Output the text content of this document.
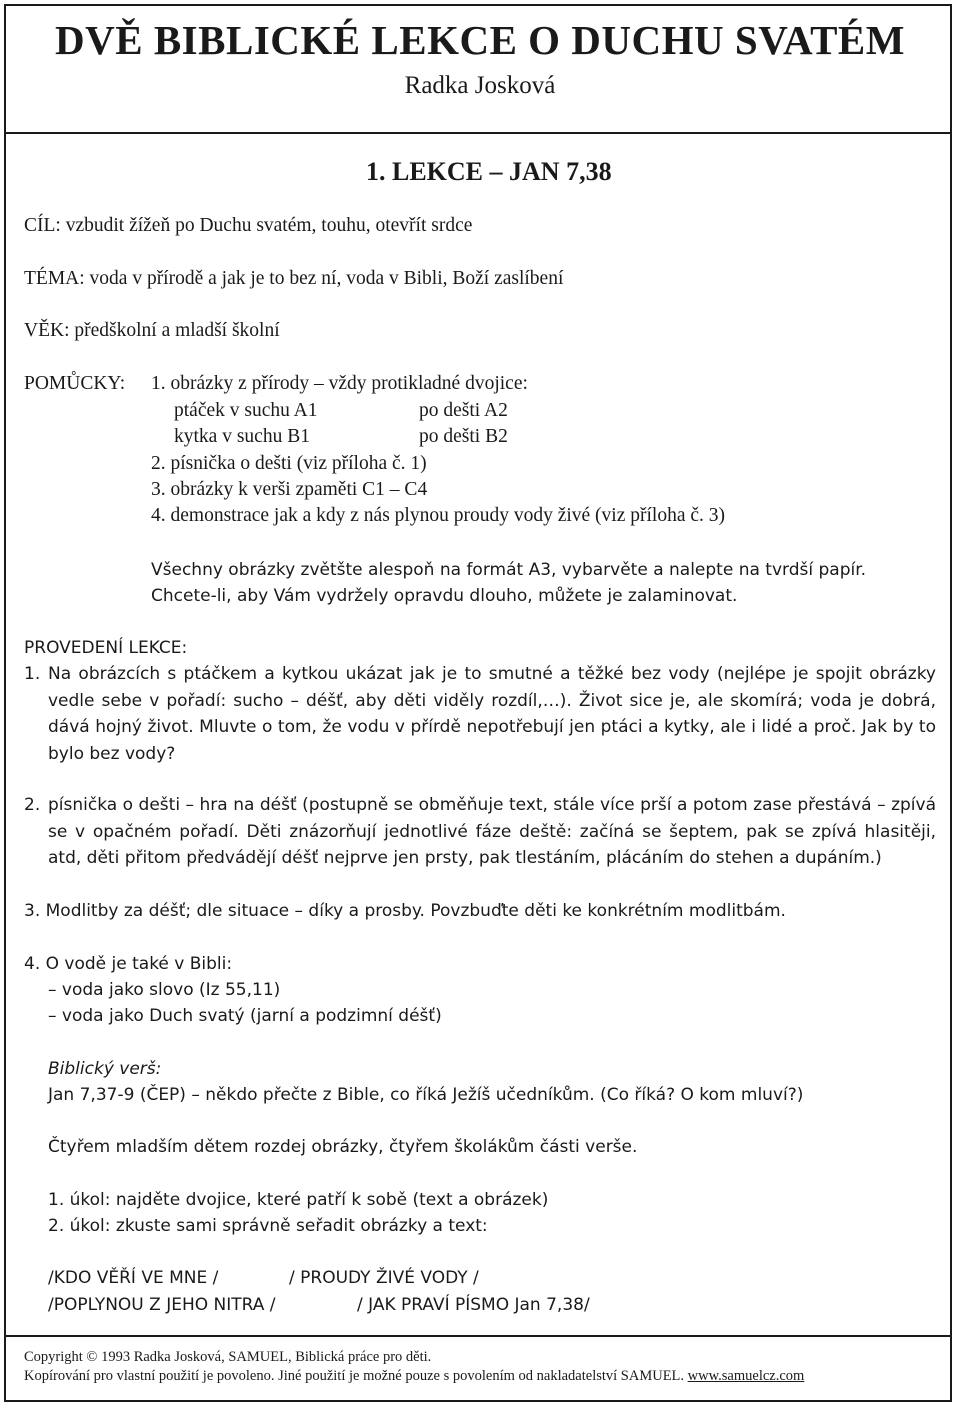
DVĚ BIBLICKÉ LEKCE O DUCHU SVATÉM
Radka Josková
1. LEKCE – JAN 7,38
CÍL: vzbudit žížeň po Duchu svatém, touhu, otevřít srdce
TÉMA: voda v přírodě a jak je to bez ní, voda v Bibli, Boží zaslíbení
VĚK: předškolní a mladší školní
POMŮCKY: 1. obrázky z přírody – vždy protikladné dvojice:
ptáček v suchu A1	po dešti A2
kytka v suchu B1	po dešti B2
2. písnička o dešti (viz příloha č. 1)
3. obrázky k verši zpaměti C1 – C4
4. demonstrace jak a kdy z nás plynou proudy vody živé (viz příloha č. 3)
Všechny obrázky zvětšte alespoň na formát A3, vybarvěte a nalepte na tvrdší papír.
Chcete-li, aby Vám vydržely opravdu dlouho, můžete je zalaminovat.
PROVEDENÍ LEKCE:
1. Na obrázcích s ptáčkem a kytkou ukázat jak je to smutné a těžké bez vody (nejlépe je spojit obrázky vedle sebe v pořadí: sucho – déšť, aby děti viděly rozdíl,…). Život sice je, ale skomírá; voda je dobrá, dává hojný život. Mluvte o tom, že vodu v přírdě nepotřebují jen ptáci a kytky, ale i lidé a proč. Jak by to bylo bez vody?
2. písnička o dešti – hra na déšť (postupně se obměňuje text, stále více prší a potom zase přestává – zpívá se v opačném pořadí. Děti znázorňují jednotlivé fáze deště: začíná se šeptem, pak se zpívá hlasitěji, atd, děti přitom předvádějí déšť nejprve jen prsty, pak tlestáním, plácáním do stehen a dupáním.)
3. Modlitby za déšť; dle situace – díky a prosby. Povzbuďte děti ke konkrétním modlitbám.
4. O vodě je také v Bibli:
– voda jako slovo (Iz 55,11)
– voda jako Duch svatý (jarní a podzimní déšť)
Biblický verš:
Jan 7,37-9 (ČEP) – někdo přečte z Bible, co říká Ježíš učedníkům. (Co říká? O kom mluví?)
Čtyřem mladším dětem rozdej obrázky, čtyřem školákům části verše.
1. úkol: najděte dvojice, které patří k sobě (text a obrázek)
2. úkol: zkuste sami správně seřadit obrázky a text:
/KDO VĚŘÍ VE MNE /	/ PROUDY ŽIVÉ VODY /
/POPLYNOU Z JEHO NITRA /	/ JAK PRAVÍ PÍSMO Jan 7,38/
Copyright © 1993 Radka Josková, SAMUEL, Biblická práce pro děti.
Kopírování pro vlastní použití je povoleno. Jiné použití je možné pouze s povolením od nakladatelství SAMUEL. www.samuelcz.com
